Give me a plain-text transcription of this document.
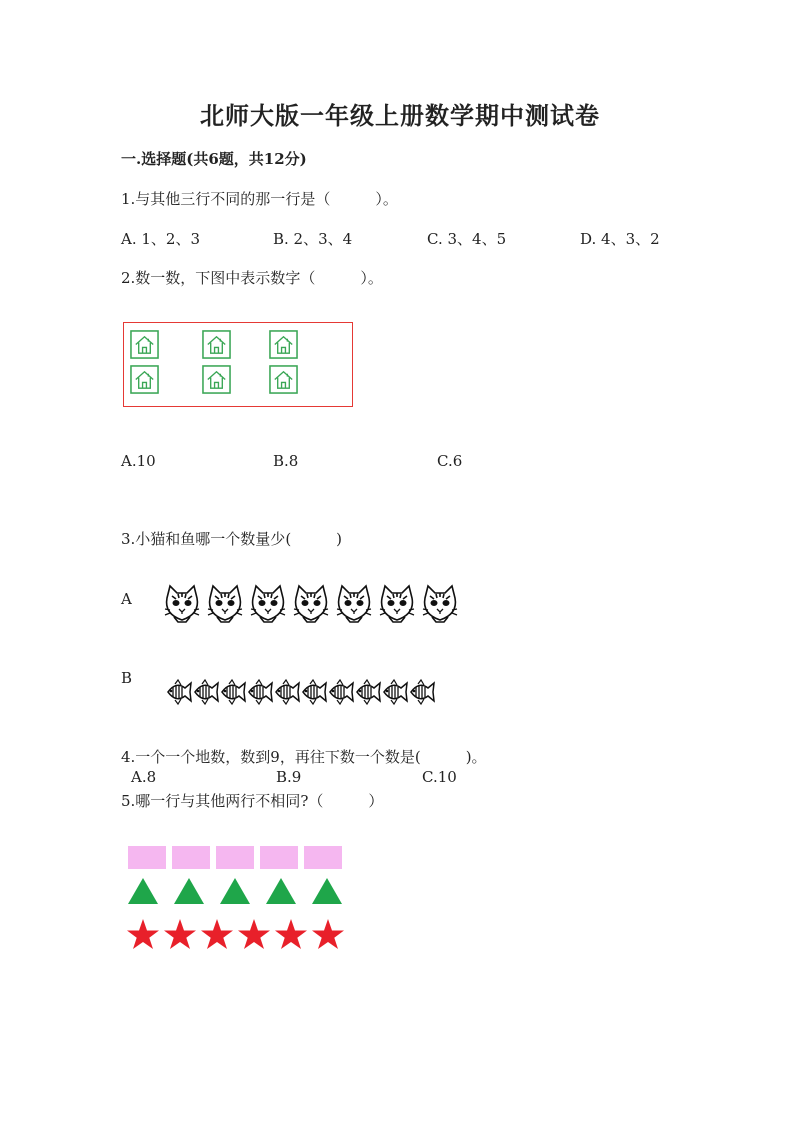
北师大版一年级上册数学期中测试卷
一.选择题(共6题，共12分)
1.与其他三行不同的那一行是（　　　）。
A. 1、2、3	B. 2、3、4	C. 3、4、5	D. 4、3、2
2.数一数，下图中表示数字（　　　）。
A.10	B.8	C.6
3.小猫和鱼哪一个数量少(　　　)
A
B
4.一个一个地数，数到9，再往下数一个数是(　　　)。
A.8	B.9	C.10
5.哪一行与其他两行不相同?（　　　）
